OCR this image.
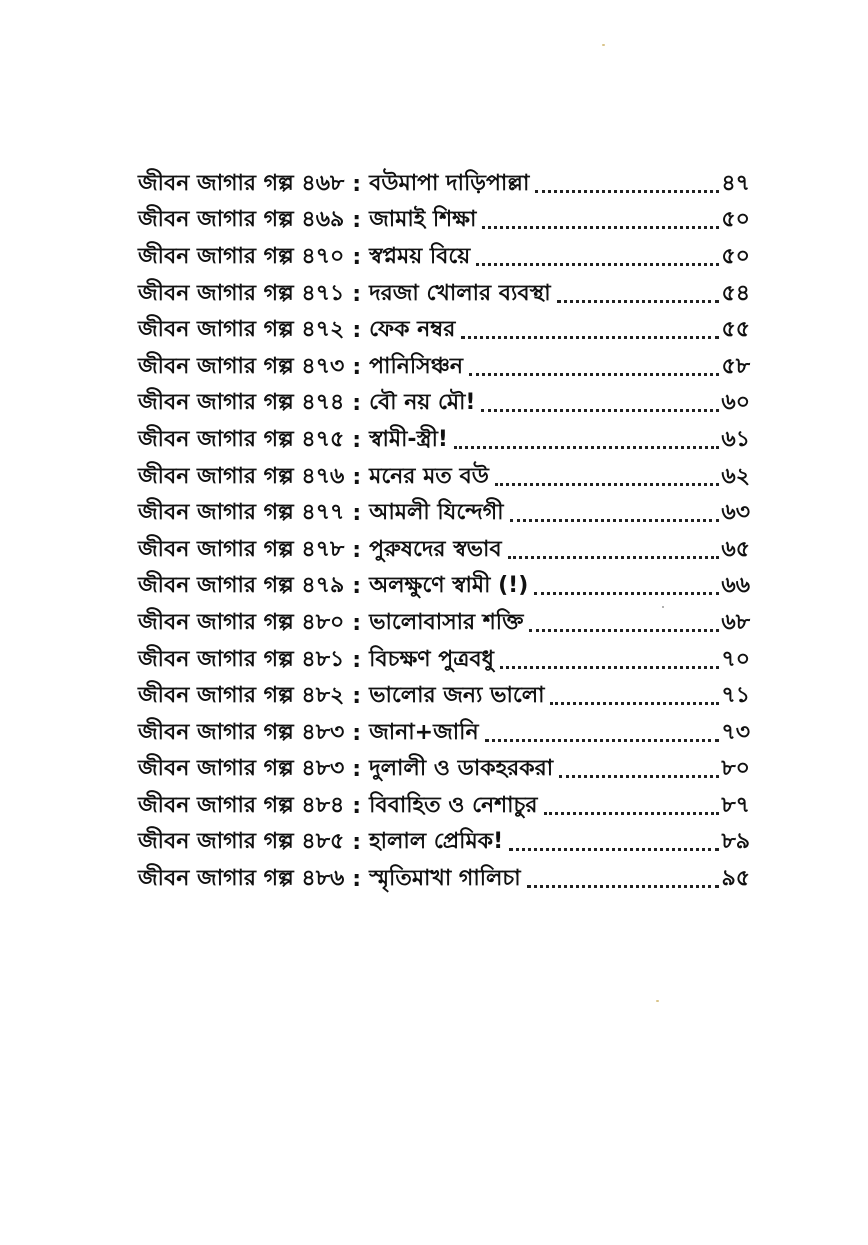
জীবন জাগার গল্প ৪৬৮ : বউমাপা দাড়িপাল্লা	৪৭
জীবন জাগার গল্প ৪৬৯ : জামাই শিক্ষা	৫০
জীবন জাগার গল্প ৪৭০ : স্বপ্নময় বিয়ে	৫০
জীবন জাগার গল্প ৪৭১ : দরজা খোলার ব্যবস্থা	৫৪
জীবন জাগার গল্প ৪৭২ : ফেক নম্বর	৫৫
জীবন জাগার গল্প ৪৭৩ : পানিসিঞ্চন	৫৮
জীবন জাগার গল্প ৪৭৪ : বৌ নয় মৌ!	৬০
জীবন জাগার গল্প ৪৭৫ : স্বামী-স্ত্রী!	৬১
জীবন জাগার গল্প ৪৭৬ : মনের মত বউ	৬২
জীবন জাগার গল্প ৪৭৭ : আমলী যিন্দেগী	৬৩
জীবন জাগার গল্প ৪৭৮ : পুরুষদের স্বভাব	৬৫
জীবন জাগার গল্প ৪৭৯ : অলক্ষুণে স্বামী (!)	৬৬
জীবন জাগার গল্প ৪৮০ : ভালোবাসার শক্তি	৬৮
জীবন জাগার গল্প ৪৮১ : বিচক্ষণ পুত্রবধু	৭০
জীবন জাগার গল্প ৪৮২ : ভালোর জন্য ভালো	৭১
জীবন জাগার গল্প ৪৮৩ : জানা+জানি	৭৩
জীবন জাগার গল্প ৪৮৩ : দুলালী ও ডাকহরকরা	৮০
জীবন জাগার গল্প ৪৮৪ : বিবাহিত ও নেশাচুর	৮৭
জীবন জাগার গল্প ৪৮৫ : হালাল প্রেমিক!	৮৯
জীবন জাগার গল্প ৪৮৬ : স্মৃতিমাখা গালিচা	৯৫
